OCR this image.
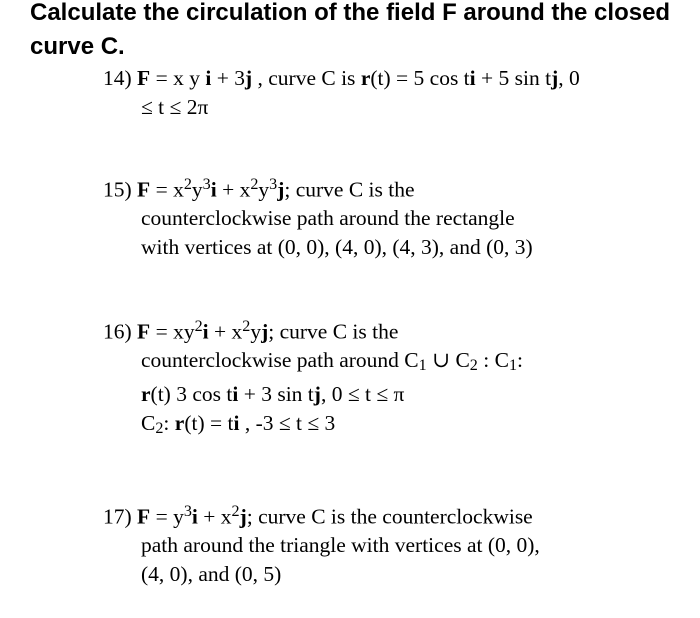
Calculate the circulation of the field F around the closed
curve C.
14) F = x y i + 3j , curve C is r(t) = 5 cos ti + 5 sin tj, 0
≤ t ≤ 2π
15) $F = x^2y^3i + x^2y^3j$; curve C is the
counterclockwise path around the rectangle
with vertices at (0, 0), (4, 0), (4, 3), and (0, 3)
16) $F = xy^2i + x^2yj$; curve C is the
counterclockwise path around $C_1$ ∪ $C_2$ : $C_1$:
r(t) 3 cos ti + 3 sin tj, 0 ≤ t ≤ π
$C_2$: r(t) = ti , -3 ≤ t ≤ 3
17) $F = y^3i + x^2j$; curve C is the counterclockwise
path around the triangle with vertices at (0, 0),
(4, 0), and (0, 5)
